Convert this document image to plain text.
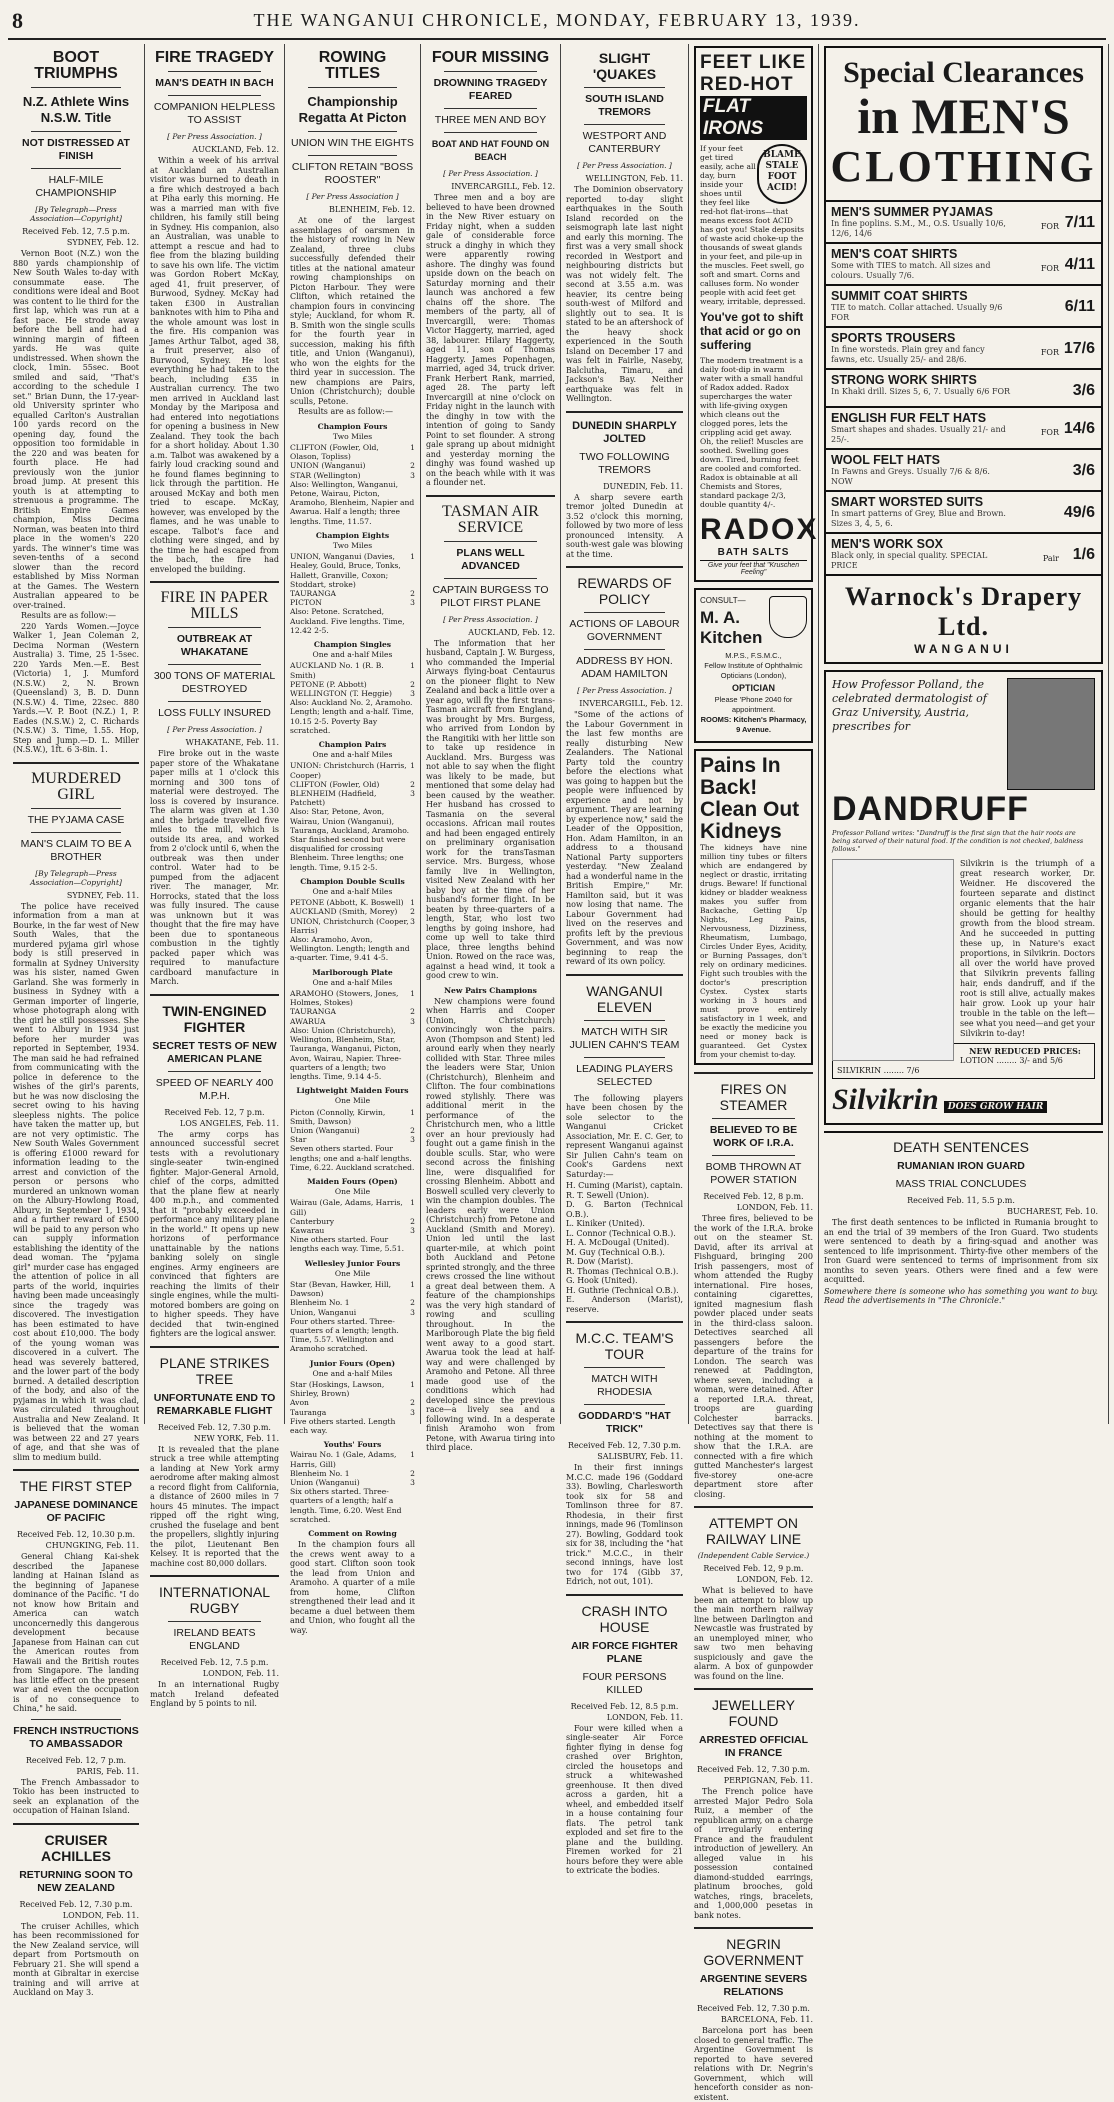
8	THE WANGANUI CHRONICLE, MONDAY, FEBRUARY 13, 1939.
BOOT TRIUMPHS
N.Z. Athlete Wins N.S.W. Title
NOT DISTRESSED AT FINISH
HALF-MILE CHAMPIONSHIP
[By Telegraph—Press Association—Copyright]
Received Feb. 12, 7.5 p.m.
SYDNEY, Feb. 12.

Vernon Boot (N.Z.) won the 880 yards championship of New South Wales to-day with consummate ease. The conditions were ideal and Boot was content to lie third for the first lap, which was run at a fast pace. He strode away before the bell and had a winning margin of fifteen yards. He was quite undistressed. When shown the clock, 1min. 55sec. Boot smiled and said, "That's according to the schedule I set." Brian Dunn, the 17-year-old University sprinter who equalled Carlton's Australian 100 yards record on the opening day, found the opposition too formidable in the 220 and was beaten for fourth place. He had previously won the junior broad jump. At present this youth is at attempting to strenuous a programme. The British Empire Games champion, Miss Decima Norman, was beaten into third place in the women's 220 yards. The winner's time was seven-tenths of a second slower than the record established by Miss Norman at the Games. The Western Australian appeared to be over-trained.

Results are as follow:—

220 Yards Women.—Joyce Walker 1, Jean Coleman 2, Decima Norman (Western Australia) 3. Time, 25 1-5sec. 220 Yards Men.—E. Best (Victoria) 1, J. Mumford (N.S.W.) 2, N. Brown (Queensland) 3, B. D. Dunn (N.S.W.) 4. Time, 22sec. 880 Yards.—V. P. Boot (N.Z.) 1, P. Eades (N.S.W.) 2, C. Richards (N.S.W.) 3. Time, 1.55. Hop, Step and Jump.—D. L. Miller (N.S.W.), 1ft. 6 3-8in. 1.

MURDERED GIRL
THE PYJAMA CASE
MAN'S CLAIM TO BE A BROTHER
[By Telegraph—Press Association—Copyright]
SYDNEY, Feb. 11.

The police have received information from a man at Bourke, in the far west of New South Wales, that the murdered pyjama girl whose body is still preserved in formalin at Sydney University was his sister, named Gwen Garland. She was formerly in business in Sydney with a German importer of lingerie, whose photograph along with the girl he still possesses. She went to Albury in 1934 just before her murder was reported in September, 1934. The man said he had refrained from communicating with the police in deference to the wishes of the girl's parents, but he was now disclosing the secret owing to his having sleepless nights. The police have taken the matter up, but are not very optimistic. The New South Wales Government is offering £1000 reward for information leading to the arrest and conviction of the person or persons who murdered an unknown woman on the Albury-Howlong Road, Albury, in September 1, 1934, and a further reward of £500 will be paid to any person who can supply information establishing the identity of the dead woman. The "pyjama girl" murder case has engaged the attention of police in all parts of the world, inquiries having been made unceasingly since the tragedy was discovered. The investigation has been estimated to have cost about £10,000. The body of the young woman was discovered in a culvert. The head was severely battered, and the lower part of the body burned. A detailed description of the body, and also of the pyjamas in which it was clad, was circulated throughout Australia and New Zealand. It is believed that the woman was between 22 and 27 years of age, and that she was of slim to medium build.

THE FIRST STEP
JAPANESE DOMINANCE OF PACIFIC
Received Feb. 12, 10.30 p.m.
CHUNGKING, Feb. 11.

General Chiang Kai-shek described the Japanese landing at Hainan Island as the beginning of Japanese dominance of the Pacific. "I do not know how Britain and America can watch unconcernedly this dangerous development because Japanese from Hainan can cut the American routes from Hawaii and the British routes from Singapore. The landing has little effect on the present war and even the occupation is of no consequence to China," he said.

FRENCH INSTRUCTIONS TO AMBASSADOR
Received Feb. 12, 7 p.m.
PARIS, Feb. 11.

The French Ambassador to Tokio has been instructed to seek an explanation of the occupation of Hainan Island.

CRUISER ACHILLES
RETURNING SOON TO NEW ZEALAND
Received Feb. 12, 7.30 p.m.
LONDON, Feb. 11.

The cruiser Achilles, which has been recommissioned for the New Zealand service, will depart from Portsmouth on February 21. She will spend a month at Gibraltar in exercise training and will arrive at Auckland on May 3.

FIRE TRAGEDY
MAN'S DEATH IN BACH
COMPANION HELPLESS TO ASSIST
[ Per Press Association. ]
AUCKLAND, Feb. 12.

Within a week of his arrival at Auckland an Australian visitor was burned to death in a fire which destroyed a bach at Piha early this morning. He was a married man with five children, his family still being in Sydney. His companion, also an Australian, was unable to attempt a rescue and had to flee from the blazing building to save his own life. The victim was Gordon Robert McKay, aged 41, fruit preserver, of Burwood, Sydney. McKay had taken £300 in Australian banknotes with him to Piha and the whole amount was lost in the fire. His companion was James Arthur Talbot, aged 38, a fruit preserver, also of Burwood, Sydney. He lost everything he had taken to the beach, including £35 in Australian currency. The two men arrived in Auckland last Monday by the Mariposa and had entered into negotiations for opening a business in New Zealand. They took the bach for a short holiday. About 1.30 a.m. Talbot was awakened by a fairly loud cracking sound and he found flames beginning to lick through the partition. He aroused McKay and both men tried to escape. McKay, however, was enveloped by the flames, and he was unable to escape. Talbot's face and clothing were singed, and by the time he had escaped from the bach, the fire had enveloped the building.

FIRE IN PAPER MILLS
OUTBREAK AT WHAKATANE
300 TONS OF MATERIAL DESTROYED
LOSS FULLY INSURED
[ Per Press Association. ]
WHAKATANE, Feb. 11.

Fire broke out in the waste paper store of the Whakatane paper mills at 1 o'clock this morning and 300 tons of material were destroyed. The loss is covered by insurance. The alarm was given at 1.30 and the brigade travelled five miles to the mill, which is outside its area, and worked from 2 o'clock until 6, when the outbreak was then under control. Water had to be pumped from the adjacent river. The manager, Mr. Horrocks, stated that the loss was fully insured. The cause was unknown but it was thought that the fire may have been due to spontaneous combustion in the tightly packed paper which was required to manufacture cardboard manufacture in March.

TWIN-ENGINED FIGHTER
SECRET TESTS OF NEW AMERICAN PLANE
SPEED OF NEARLY 400 M.P.H.
Received Feb. 12, 7 p.m.
LOS ANGELES, Feb. 11.

The army corps has announced successful secret tests with a revolutionary single-seater twin-engined fighter. Major-General Arnold, chief of the corps, admitted that the plane flew at nearly 400 m.p.h., and commented that it "probably exceeded in performance any military plane in the world." It opens up new horizons of performance unattainable by the nations banking solely on single engines. Army engineers are convinced that fighters are reaching the limits of their single engines, while the multi-motored bombers are going on to higher speeds. They have decided that twin-engined fighters are the logical answer.

PLANE STRIKES TREE
UNFORTUNATE END TO REMARKABLE FLIGHT
Received Feb. 12, 7.30 p.m.
NEW YORK, Feb. 11.

It is revealed that the plane struck a tree while attempting a landing at New York army aerodrome after making almost a record flight from California, a distance of 2600 miles in 7 hours 45 minutes. The impact ripped off the right wing, crushed the fuselage and bent the propellers, slightly injuring the pilot, Lieutenant Ben Kelsey. It is reported that the machine cost 80,000 dollars.

INTERNATIONAL RUGBY
IRELAND BEATS ENGLAND
Received Feb. 12, 7.5 p.m.
LONDON, Feb. 11.

In an international Rugby match Ireland defeated England by 5 points to nil.

ROWING TITLES
Championship Regatta At Picton
UNION WIN THE EIGHTS
CLIFTON RETAIN "BOSS ROOSTER"
[ Per Press Association ]
BLENHEIM, Feb. 12.

At one of the largest assemblages of oarsmen in the history of rowing in New Zealand, three clubs successfully defended their titles at the national amateur rowing championships on Picton Harbour. They were Clifton, which retained the champion fours in convincing style; Auckland, for whom R. B. Smith won the single sculls for the fourth year in succession, making his fifth title, and Union (Wanganui), who won the eights for the third year in succession. The new champions are Pairs, Union (Christchurch); double sculls, Petone.

Results are as follow:—

Champion Fours
Two Miles
CLIFTON (Fowler, Old, Olason, Topliss)
1
UNION (Wanganui)	2
STAR (Wellington)	3
Also: Wellington, Wanganui, Petone, Wairau, Picton, Aramoho, Blenheim, Napier and Awarua. Half a length; three lengths. Time, 11.57.
Champion Eights
Two Miles
UNION, Wanganui (Davies, Healey, Gould, Bruce, Tonks, Hallett, Granville, Coxon; Stoddart, stroke)
1
TAURANGA	2
PICTON	3
Also: Petone. Scratched, Auckland. Five lengths. Time, 12.42 2-5.
Champion Singles
One and a-half Miles
AUCKLAND No. 1 (R. B. Smith)
1
PETONE (P. Abbott)	2
WELLINGTON (T. Heggie) 3
Also: Auckland No. 2, Aramoho. Length; length and a-half. Time, 10.15 2-5. Poverty Bay scratched.
Champion Pairs
One and a-half Miles
UNION: Christchurch (Harris, Cooper)
1
CLIFTON (Fowler, Old)	2
BLENHEIM (Hadfield, Patchett)
3
Also: Star, Petone, Avon, Wairau, Union (Wanganui), Tauranga, Auckland, Aramoho. Star finished second but were disqualified for crossing Blenheim. Three lengths; one length. Time, 9.15 2-5.
Champion Double Sculls
One and a-half Miles
PETONE (Abbott, K. Boswell) 1
AUCKLAND (Smith, Morey) 2
UNION, Christchurch (Cooper, Harris)
3
Also: Aramoho, Avon, Wellington. Length; length and a-quarter. Time, 9.41 4-5.
Marlborough Plate
One and a-half Miles
ARAMOHO (Stowers, Jones, Holmes, Stokes)
1
TAURANGA	2
AWARUA	3
Also: Union (Christchurch), Wellington, Blenheim, Star, Tauranga, Wanganui, Picton, Avon, Wairau, Napier. Three-quarters of a length; two lengths. Time, 9.14 4-5.
Lightweight Maiden Fours
One Mile
Picton (Connolly, Kirwin, Smith, Dawson)
1
Union (Wanganui)	2
Star	3
Seven others started. Four lengths; one and a-half lengths. Time, 6.22. Auckland scratched.
Maiden Fours (Open)
One Mile
Wairau (Gale, Adams, Harris, Gill)
1
Canterbury	2
Kawarau	3
Nine others started. Four lengths each way. Time, 5.51.
Wellesley Junior Fours
One Mile
Star (Bevan, Hawker, Hill, Dawson)
1
Blenheim No. 1	2
Union, Wanganui	3
Four others started. Three-quarters of a length; length. Time, 5.57. Wellington and Aramoho scratched.
Junior Fours (Open)
One and a-half Miles
Star (Hoskings, Lawson, Shirley, Brown)
1
Avon	2
Tauranga	3
Five others started. Length each way.
Youths' Fours
Wairau No. 1 (Gale, Adams, Harris, Gill)
1
Blenheim No. 1	2
Union (Wanganui)	3
Six others started. Three-quarters of a length; half a length. Time, 6.20. West End scratched.
Comment on Rowing

In the champion fours all the crews went away to a good start. Clifton soon took the lead from Union and Aramoho. A quarter of a mile from home, Clifton strengthened their lead and it became a duel between them and Union, who fought all the way.

FOUR MISSING
DROWNING TRAGEDY FEARED
THREE MEN AND BOY
BOAT AND HAT FOUND ON BEACH
[ Per Press Association. ]
INVERCARGILL, Feb. 12.

Three men and a boy are believed to have been drowned in the New River estuary on Friday night, when a sudden gale of considerable force struck a dinghy in which they were apparently rowing ashore. The dinghy was found upside down on the beach on Saturday morning and their launch was anchored a few chains off the shore. The members of the party, all of Invercargill, were: Thomas Victor Haggerty, married, aged 38, labourer. Hilary Haggerty, aged 11, son of Thomas Haggerty. James Popenhagen, married, aged 34, truck driver. Frank Herbert Rank, married, aged 28. The party left Invercargill at nine o'clock on Friday night in the launch with the dinghy in tow with the intention of going to Sandy Point to set flounder. A strong gale sprang up about midnight and yesterday morning the dinghy was found washed up on the beach while with it was a flounder net.

TASMAN AIR SERVICE
PLANS WELL ADVANCED
CAPTAIN BURGESS TO PILOT FIRST PLANE
[ Per Press Association. ]
AUCKLAND, Feb. 12.

The information that her husband, Captain J. W. Burgess, who commanded the Imperial Airways flying-boat Centaurus on the pioneer flight to New Zealand and back a little over a year ago, will fly the first trans-Tasman aircraft from England, was brought by Mrs. Burgess, who arrived from London by the Rangitiki with her little son to take up residence in Auckland. Mrs. Burgess was not able to say when the flight was likely to be made, but mentioned that some delay had been caused by the weather. Her husband has crossed to Tasmania on the several occasions. African mail routes and had been engaged entirely on preliminary organisation work for the transTasman service. Mrs. Burgess, whose family live in Wellington, visited New Zealand with her baby boy at the time of her husband's former flight. In be beaten by three-quarters of a length, Star, who lost two lengths by going inshore, had come up well to take third place, three lengths behind Union. Rowed on the race was, against a head wind, it took a good crew to win.

New Pairs Champions

New champions were found when Harris and Cooper (Union, Christchurch) convincingly won the pairs. Avon (Thompson and Stent) led around early when they nearly collided with Star. Three miles the leaders were Star, Union (Christchurch), Blenheim and Clifton. The four combinations rowed stylishly. There was additional merit in the performance of the Christchurch men, who a little over an hour previously had fought out a game finish in the double sculls. Star, who were second across the finishing line, were disqualified for crossing Blenheim. Abbott and Boswell sculled very cleverly to win the champion doubles. The leaders early were Union (Christchurch) from Petone and Auckland (Smith and Morey). Union led until the last quarter-mile, at which point both Auckland and Petone sprinted strongly, and the three crews crossed the line without a great deal between them. A feature of the championships was the very high standard of rowing and sculling throughout. In the Marlborough Plate the big field went away to a good start. Awarua took the lead at half-way and were challenged by Aramoho and Petone. All three made good use of the conditions which had developed since the previous race—a lively sea and a following wind. In a desperate finish Aramoho won from Petone, with Awarua tiring into third place.

SLIGHT 'QUAKES
SOUTH ISLAND TREMORS
WESTPORT AND CANTERBURY
[ Per Press Association. ]
WELLINGTON, Feb. 11.

The Dominion observatory reported to-day slight earthquakes in the South Island recorded on the seismograph late last night and early this morning. The first was a very small shock recorded in Westport and neighbouring districts but was not widely felt. The second at 3.55 a.m. was heavier, its centre being south-west of Milford and slightly out to sea. It is stated to be an aftershock of the heavy shock experienced in the South Island on December 17 and was felt in Fairlie, Naseby, Balclutha, Timaru, and Jackson's Bay. Neither earthquake was felt in Wellington.

DUNEDIN SHARPLY JOLTED
TWO FOLLOWING TREMORS
DUNEDIN, Feb. 11.

A sharp severe earth tremor jolted Dunedin at 3.52 o'clock this morning, followed by two more of less pronounced intensity. A south-west gale was blowing at the time.

REWARDS OF POLICY
ACTIONS OF LABOUR GOVERNMENT
ADDRESS BY HON. ADAM HAMILTON
[ Per Press Association. ]
INVERCARGILL, Feb. 12.

"Some of the actions of the Labour Government in the last few months are really disturbing New Zealanders. The National Party told the country before the elections what was going to happen but the people were influenced by experience and not by argument. They are learning by experience now," said the Leader of the Opposition, Hon. Adam Hamilton, in an address to a thousand National Party supporters yesterday. "New Zealand had a wonderful name in the British Empire," Mr. Hamilton said, but it was now losing that name. The Labour Government had lived on the reserves and profits left by the previous Government, and was now beginning to reap the reward of its own policy.

WANGANUI ELEVEN
MATCH WITH SIR JULIEN CAHN'S TEAM
LEADING PLAYERS SELECTED

The following players have been chosen by the sole selector to the Wanganui Cricket Association, Mr. E. C. Ger, to represent Wanganui against Sir Julien Cahn's team on Cook's Gardens next Saturday:—

H. Cuming (Marist), captain.
R. T. Sewell (Union).
D. G. Barton (Technical O.B.).
L. Kiniker (United).
L. Connor (Technical O.B.).
H. A. McDougal (United).
M. Guy (Technical O.B.).
R. Dow (Marist).
R. Thomas (Technical O.B.).
G. Hook (United).
H. Guthrie (Technical O.B.).
E. Anderson (Marist), reserve.
M.C.C. TEAM'S TOUR
MATCH WITH RHODESIA
GODDARD'S "HAT TRICK"
Received Feb. 12, 7.30 p.m.
SALISBURY, Feb. 11.

In their first innings M.C.C. made 196 (Goddard 33). Bowling, Charlesworth took six for 58 and Tomlinson three for 87. Rhodesia, in their first innings, made 96 (Tomlinson 27). Bowling, Goddard took six for 38, including the "hat trick." M.C.C., in their second innings, have lost two for 174 (Gibb 37, Edrich, not out, 101).

CRASH INTO HOUSE
AIR FORCE FIGHTER PLANE
FOUR PERSONS KILLED
Received Feb. 12, 8.5 p.m.
LONDON, Feb. 11.

Four were killed when a single-seater Air Force fighter flying in dense fog crashed over Brighton, circled the housetops and struck a whitewashed greenhouse. It then dived across a garden, hit a wheel, and embedded itself in a house containing four flats. The petrol tank exploded and set fire to the plane and the building. Firemen worked for 21 hours before they were able to extricate the bodies.

FEET LIKE RED-HOT
FLAT IRONS
BLAME STALE FOOT ACID!
If your feet get tired easily, ache all day, burn inside your shoes until they feel like red-hot flat-irons—that means excess foot ACID has got you! Stale deposits of waste acid choke-up the thousands of sweat glands in your feet, and pile-up in the muscles. Feet swell, go soft and smart. Corns and calluses form. No wonder people with acid feet get weary, irritable, depressed.
You've got to shift that acid or go on suffering
The modern treatment is a daily foot-dip in warm water with a small handful of Radox added. Radox supercharges the water with life-giving oxygen which cleans out the clogged pores, lets the crippling acid get away. Oh, the relief! Muscles are soothed. Swelling goes down. Tired, burning feet are cooled and comforted. Radox is obtainable at all Chemists and Stores, standard package 2/3, double quantity 4/-.
RADOX
BATH SALTS
Give your feet that "Kruschen Feeling"
CONSULT—
M. A. Kitchen
M.P.S., F.S.M.C.,
Fellow Institute of Ophthalmic Opticians (London),
OPTICIAN
Please 'Phone 2040 for appointment.
ROOMS: Kitchen's Pharmacy, 9 Avenue.
Pains In Back! Clean Out Kidneys
The kidneys have nine million tiny tubes or filters which are endangered by neglect or drastic, irritating drugs. Beware! If functional kidney or bladder weakness makes you suffer from Backache, Getting Up Nights, Leg Pains, Nervousness, Dizziness, Rheumatism, Lumbago, Circles Under Eyes, Acidity, or Burning Passages, don't rely on ordinary medicines. Fight such troubles with the doctor's prescription Cystex. Cystex starts working in 3 hours and must prove entirely satisfactory in 1 week, and be exactly the medicine you need or money back is guaranteed. Get Cystex from your chemist to-day.
FIRES ON STEAMER
BELIEVED TO BE WORK OF I.R.A.
BOMB THROWN AT POWER STATION
Received Feb. 12, 8 p.m.
LONDON, Feb. 11.

Three fires, believed to be the work of the I.R.A. broke out on the steamer St. David, after its arrival at Fishguard, bringing 200 Irish passengers, most of whom attended the Rugby international. Fire hoses, containing cigarettes, ignited magnesium flash powder placed under seats in the third-class saloon. Detectives searched all passengers before the departure of the trains for London. The search was renewed at Paddington, where seven, including a woman, were detained. After a reported I.R.A. threat, troops are guarding Colchester barracks. Detectives say that there is nothing at the moment to show that the I.R.A. are connected with a fire which gutted Manchester's largest five-storey one-acre department store after closing.

ATTEMPT ON RAILWAY LINE
(Independent Cable Service.)
Received Feb. 12, 9 p.m.
LONDON, Feb. 12.

What is believed to have been an attempt to blow up the main northern railway line between Darlington and Newcastle was frustrated by an unemployed miner, who saw two men behaving suspiciously and gave the alarm. A box of gunpowder was found on the line.

JEWELLERY FOUND
ARRESTED OFFICIAL IN FRANCE
Received Feb. 12, 7.30 p.m.
PERPIGNAN, Feb. 11.

The French police have arrested Major Pedro Sola Ruiz, a member of the republican army, on a charge of irregularly entering France and the fraudulent introduction of jewellery. An alleged value in his possession contained diamond-studded earrings, platinum brooches, gold watches, rings, bracelets, and 1,000,000 pesetas in bank notes.

NEGRIN GOVERNMENT
ARGENTINE SEVERS RELATIONS
Received Feb. 12, 7.30 p.m.
BARCELONA, Feb. 11.

Barcelona port has been closed to general traffic. The Argentine Government is reported to have severed relations with Dr. Negrin's Government, which will henceforth consider as non-existent.

Special Clearances
in MEN'S
CLOTHING
MEN'S SUMMER PYJAMAS
In fine poplins. S.M., M., O.S. Usually 10/6, 12/6, 14/6
FOR 7/11
MEN'S COAT SHIRTS
Some with TIES to match. All sizes and colours. Usually 7/6.
FOR 4/11
SUMMIT COAT SHIRTS
TIE to match. Collar attached. Usually 9/6 FOR
6/11
SPORTS TROUSERS
In fine worsteds. Plain grey and fancy fawns, etc. Usually 25/- and 28/6.
FOR 17/6
STRONG WORK SHIRTS
In Khaki drill. Sizes 5, 6, 7. Usually 6/6 FOR	3/6
ENGLISH FUR FELT HATS
Smart shapes and shades. Usually 21/- and 25/-.
FOR 14/6
WOOL FELT HATS
In Fawns and Greys. Usually 7/6 & 8/6. NOW
3/6
SMART WORSTED SUITS
In smart patterns of Grey, Blue and Brown. Sizes 3, 4, 5, 6.
49/6
MEN'S WORK SOX
Black only, in special quality. SPECIAL PRICE
Pair 1/6
Warnock's Drapery Ltd.
WANGANUI
How Professor Polland, the celebrated dermatologist of Graz University, Austria, prescribes for
DANDRUFF
Professor Polland writes: "Dandruff is the first sign that the hair roots are being starved of their natural food. If the condition is not checked, baldness follows."
Silvikrin is the triumph of a great research worker, Dr. Weidner. He discovered the fourteen separate and distinct organic elements that the hair should be getting for healthy growth from the blood stream. And he succeeded in putting these up, in Nature's exact proportions, in Silvikrin. Doctors all over the world have proved that Silvikrin prevents falling hair, ends dandruff, and if the root is still alive, actually makes hair grow. Look up your hair trouble in the table on the left—see what you need—and get your Silvikrin to-day!
NEW REDUCED PRICES:
LOTION ........ 3/- and 5/6
SILVIKRIN ........ 7/6
Silvikrin DOES GROW HAIR
DEATH SENTENCES
RUMANIAN IRON GUARD
MASS TRIAL CONCLUDES
Received Feb. 11, 5.5 p.m.
BUCHAREST, Feb. 10.

The first death sentences to be inflicted in Rumania brought to an end the trial of 39 members of the Iron Guard. Two students were sentenced to death by a firing-squad and another was sentenced to life imprisonment. Thirty-five other members of the Iron Guard were sentenced to terms of imprisonment from six months to seven years. Others were fined and a few were acquitted.

Somewhere there is someone who has something you want to buy. Read the advertisements in "The Chronicle."
